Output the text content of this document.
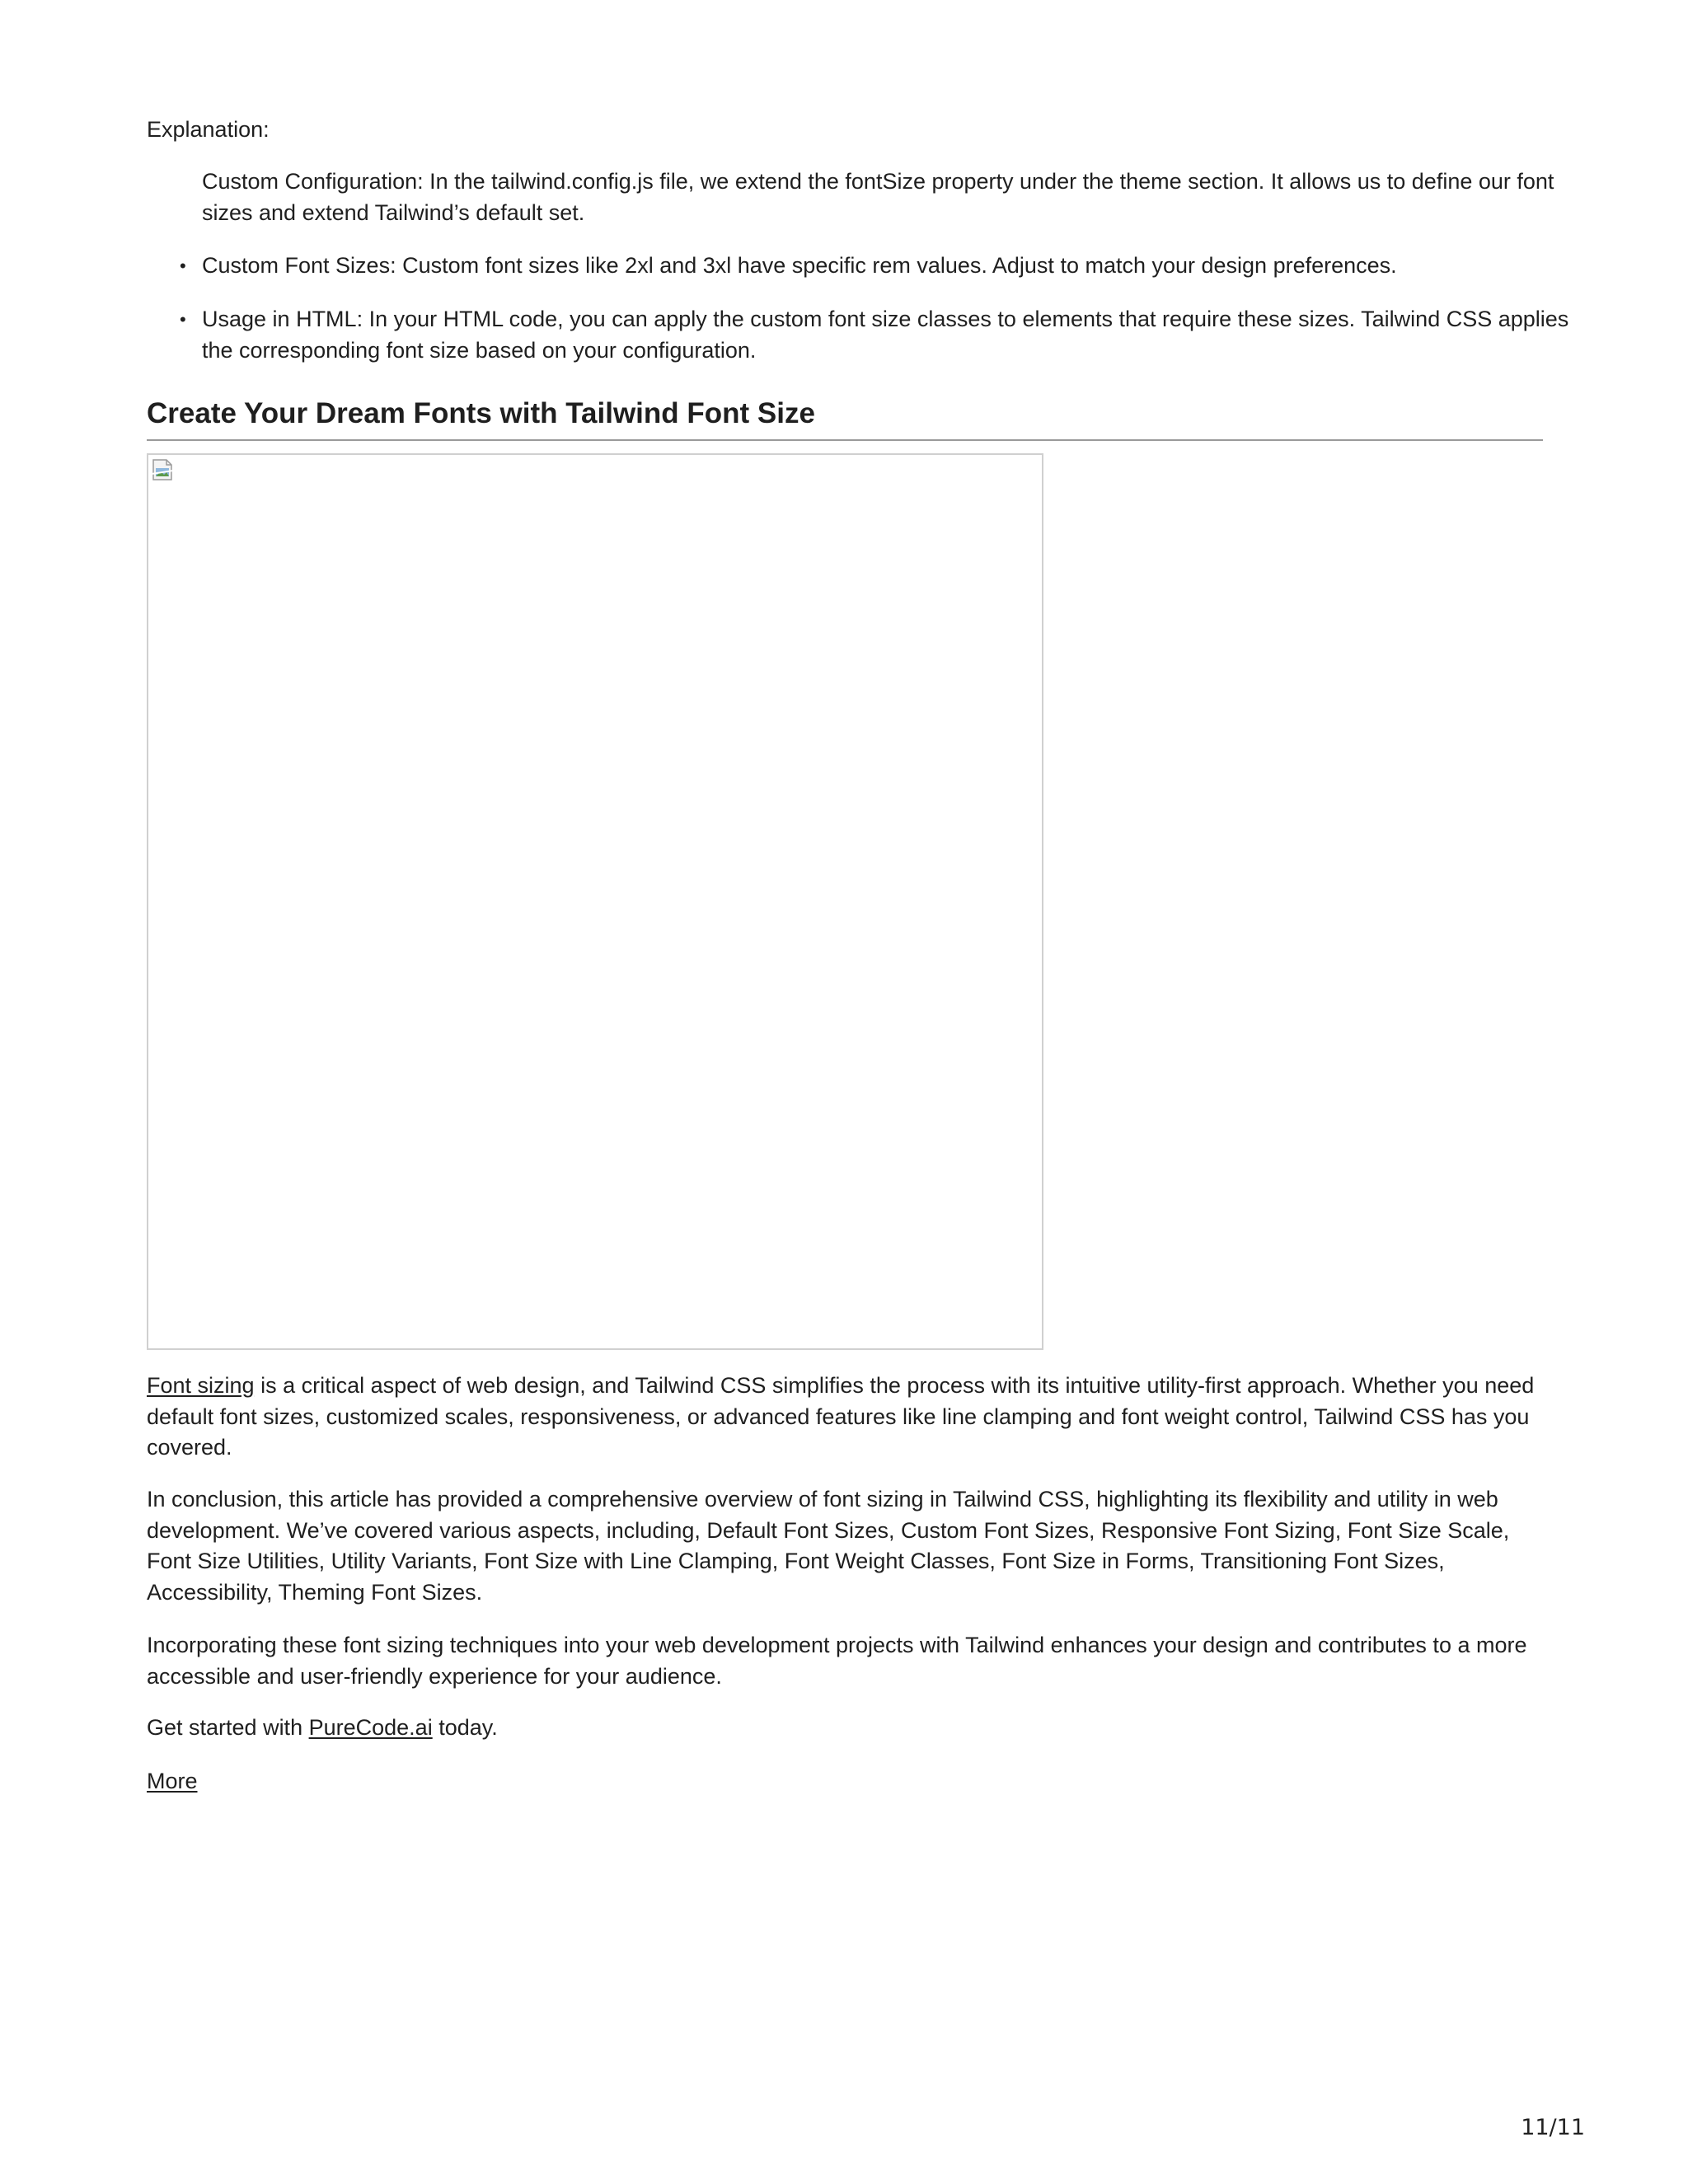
Explanation:

Custom Configuration: In the tailwind.config.js file, we extend the fontSize property under the theme section. It allows us to define our font sizes and extend Tailwind’s default set.
• Custom Font Sizes: Custom font sizes like 2xl and 3xl have specific rem values. Adjust to match your design preferences.
• Usage in HTML: In your HTML code, you can apply the custom font size classes to elements that require these sizes. Tailwind CSS applies the corresponding font size based on your configuration.
Create Your Dream Fonts with Tailwind Font Size

Font sizing is a critical aspect of web design, and Tailwind CSS simplifies the process with its intuitive utility-first approach. Whether you need default font sizes, customized scales, responsiveness, or advanced features like line clamping and font weight control, Tailwind CSS has you covered.

In conclusion, this article has provided a comprehensive overview of font sizing in Tailwind CSS, highlighting its flexibility and utility in web development. We’ve covered various aspects, including, Default Font Sizes, Custom Font Sizes, Responsive Font Sizing, Font Size Scale, Font Size Utilities, Utility Variants, Font Size with Line Clamping, Font Weight Classes, Font Size in Forms, Transitioning Font Sizes, Accessibility, Theming Font Sizes.

Incorporating these font sizing techniques into your web development projects with Tailwind enhances your design and contributes to a more accessible and user-friendly experience for your audience.

Get started with PureCode.ai today.

More
11/11
